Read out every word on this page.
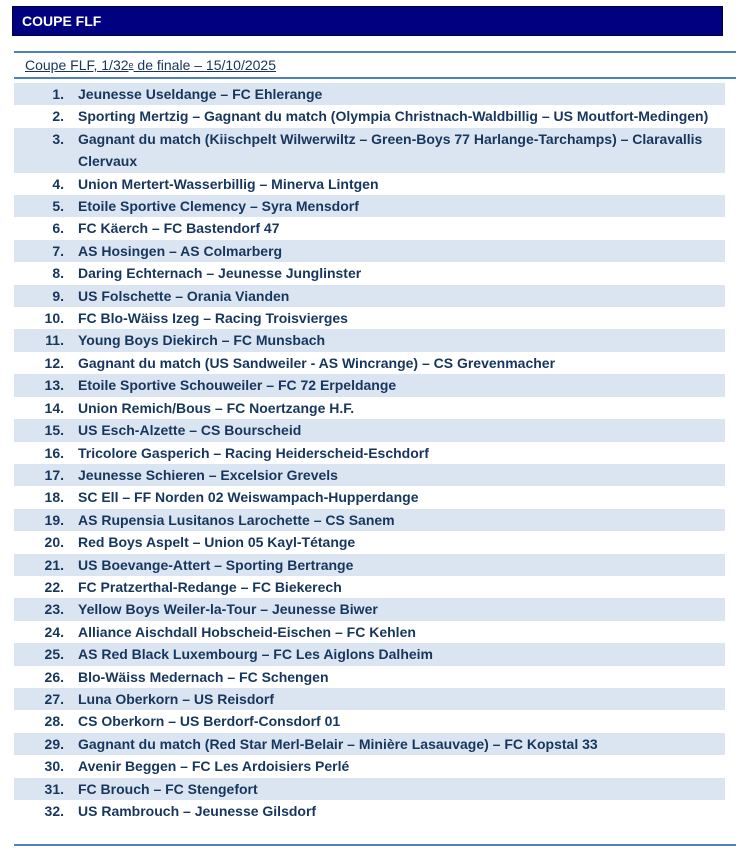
COUPE FLF
Coupe FLF, 1/32 e de finale – 15/10/2025
1.	Jeunesse Useldange – FC Ehlerange
2.	Sporting Mertzig – Gagnant du match (Olympia Christnach-Waldbillig – US Moutfort-Medingen)
3.	Gagnant du match (Kiischpelt Wilwerwiltz – Green-Boys 77 Harlange-Tarchamps) – Claravallis Clervaux
4.	Union Mertert-Wasserbillig – Minerva Lintgen
5.	Etoile Sportive Clemency – Syra Mensdorf
6.	FC Käerch – FC Bastendorf 47
7.	AS Hosingen – AS Colmarberg
8.	Daring Echternach – Jeunesse Junglinster
9.	US Folschette – Orania Vianden
10.	FC Blo-Wäiss Izeg – Racing Troisvierges
11.	Young Boys Diekirch – FC Munsbach
12.	Gagnant du match (US Sandweiler - AS Wincrange) – CS Grevenmacher
13.	Etoile Sportive Schouweiler – FC 72 Erpeldange
14.	Union Remich/Bous – FC Noertzange H.F.
15.	US Esch-Alzette – CS Bourscheid
16.	Tricolore Gasperich – Racing Heiderscheid-Eschdorf
17.	Jeunesse Schieren – Excelsior Grevels
18.	SC Ell – FF Norden 02 Weiswampach-Hupperdange
19.	AS Rupensia Lusitanos Larochette – CS Sanem
20.	Red Boys Aspelt – Union 05 Kayl-Tétange
21.	US Boevange-Attert – Sporting Bertrange
22.	FC Pratzerthal-Redange – FC Biekerech
23.	Yellow Boys Weiler-la-Tour – Jeunesse Biwer
24.	Alliance Aischdall Hobscheid-Eischen – FC Kehlen
25.	AS Red Black Luxembourg – FC Les Aiglons Dalheim
26.	Blo-Wäiss Medernach – FC Schengen
27.	Luna Oberkorn – US Reisdorf
28.	CS Oberkorn – US Berdorf-Consdorf 01
29.	Gagnant du match (Red Star Merl-Belair – Minière Lasauvage) – FC Kopstal 33
30.	Avenir Beggen – FC Les Ardoisiers Perlé
31.	FC Brouch – FC Stengefort
32.	US Rambrouch – Jeunesse Gilsdorf
